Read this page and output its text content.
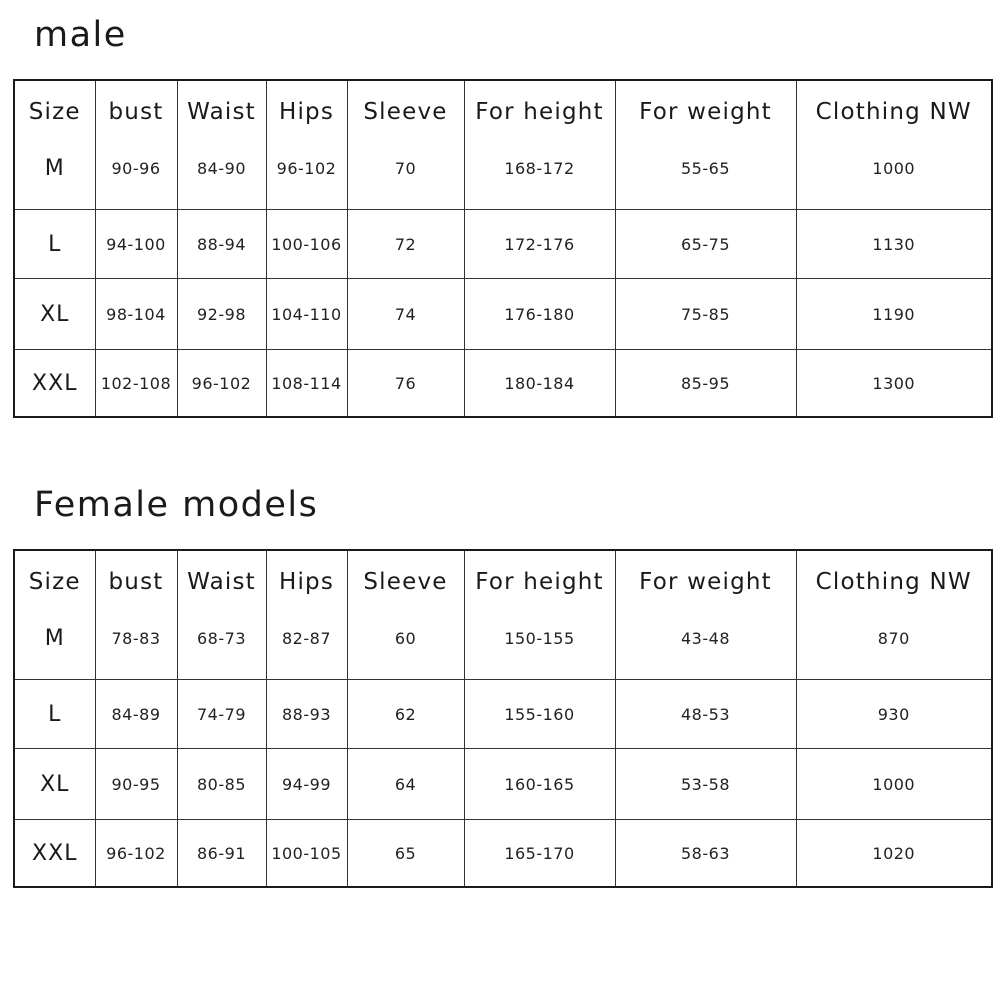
male
Size	bust	Waist	Hips	Sleeve	For height	For weight	Clothing NW
M	90-96	84-90	96-102	70	168-172	55-65	1000
L	94-100	88-94	100-106	72	172-176	65-75	1130
XL	98-104	92-98	104-110	74	176-180	75-85	1190
XXL	102-108	96-102	108-114	76	180-184	85-95	1300
Female models
Size	bust	Waist	Hips	Sleeve	For height	For weight	Clothing NW
M	78-83	68-73	82-87	60	150-155	43-48	870
L	84-89	74-79	88-93	62	155-160	48-53	930
XL	90-95	80-85	94-99	64	160-165	53-58	1000
XXL	96-102	86-91	100-105	65	165-170	58-63	1020
